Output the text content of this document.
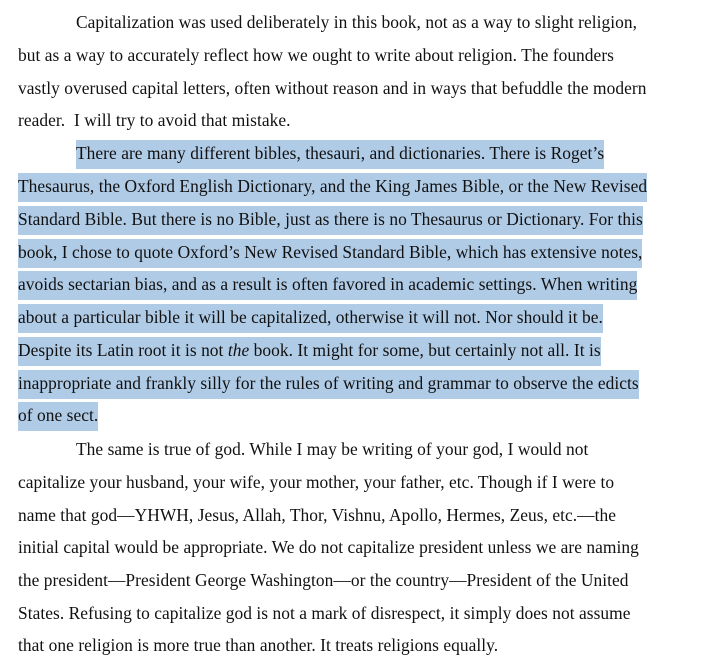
Capitalization was used deliberately in this book, not as a way to slight religion,
but as a way to accurately reflect how we ought to write about religion. The founders
vastly overused capital letters, often without reason and in ways that befuddle the modern
reader.  I will try to avoid that mistake.
There are many different bibles, thesauri, and dictionaries. There is Roget’s
Thesaurus, the Oxford English Dictionary, and the King James Bible, or the New Revised
Standard Bible. But there is no Bible, just as there is no Thesaurus or Dictionary. For this
book, I chose to quote Oxford’s New Revised Standard Bible, which has extensive notes,
avoids sectarian bias, and as a result is often favored in academic settings. When writing
about a particular bible it will be capitalized, otherwise it will not. Nor should it be.
Despite its Latin root it is not the book. It might for some, but certainly not all. It is
inappropriate and frankly silly for the rules of writing and grammar to observe the edicts
of one sect.
The same is true of god. While I may be writing of your god, I would not
capitalize your husband, your wife, your mother, your father, etc. Though if I were to
name that god—YHWH, Jesus, Allah, Thor, Vishnu, Apollo, Hermes, Zeus, etc.—the
initial capital would be appropriate. We do not capitalize president unless we are naming
the president—President George Washington—or the country—President of the United
States. Refusing to capitalize god is not a mark of disrespect, it simply does not assume
that one religion is more true than another. It treats religions equally.
